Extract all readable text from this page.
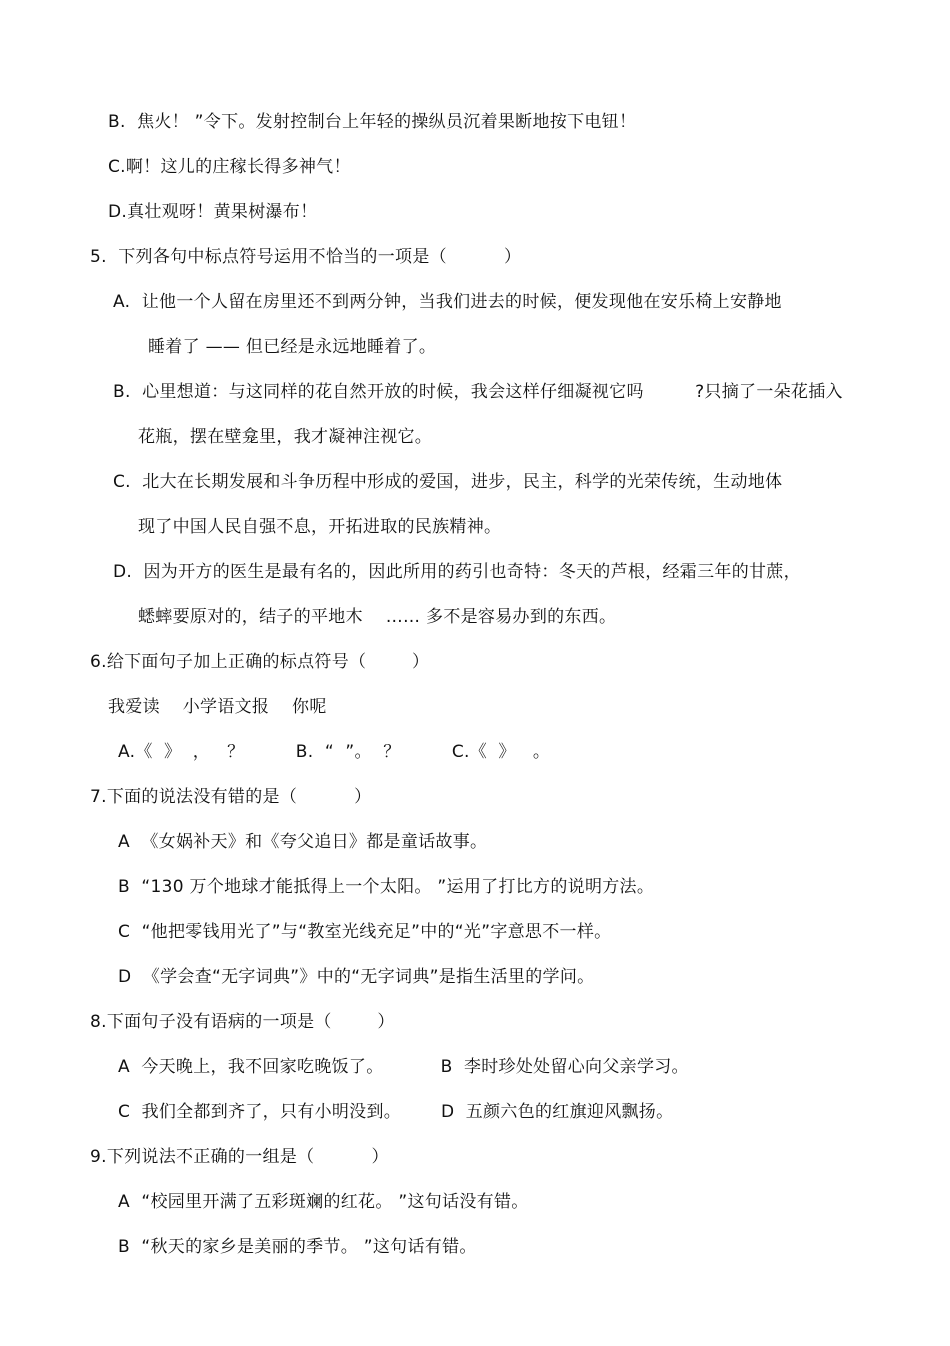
B.  焦火！ ”令下。发射控制台上年轻的操纵员沉着果断地按下电钮！
C.啊！这儿的庄稼长得多神气！
D.真壮观呀！黄果树瀑布！
5.  下列各句中标点符号运用不恰当的一项是（          ）
A.  让他一个人留在房里还不到两分钟，当我们进去的时候，便发现他在安乐椅上安静地
睡着了 —— 但已经是永远地睡着了。
B.  心里想道：与这同样的花自然开放的时候，我会这样仔细凝视它吗         ?只摘了一朵花插入
花瓶，摆在壁龛里，我才凝神注视它。
C.  北大在长期发展和斗争历程中形成的爱国，进步，民主，科学的光荣传统，生动地体
现了中国人民自强不息，开拓进取的民族精神。
D.  因为开方的医生是最有名的，因此所用的药引也奇特：冬天的芦根，经霜三年的甘蔗，
蟋蟀要原对的，结子的平地木    …… 多不是容易办到的东西。
6.给下面句子加上正确的标点符号（        ）
我爱读    小学语文报    你呢
A.《  》  ，   ？         B.  “  ”。  ？         C.《  》   。
7.下面的说法没有错的是（          ）
A  《女娲补天》和《夸父追日》都是童话故事。
B  “130 万个地球才能抵得上一个太阳。 ”运用了打比方的说明方法。
C  “他把零钱用光了”与“教室光线充足”中的“光”字意思不一样。
D  《学会查“无字词典”》中的“无字词典”是指生活里的学问。
8.下面句子没有语病的一项是（        ）
A  今天晚上，我不回家吃晚饭了。          B  李时珍处处留心向父亲学习。
C  我们全都到齐了，只有小明没到。       D  五颜六色的红旗迎风飘扬。
9.下列说法不正确的一组是（          ）
A  “校园里开满了五彩斑斓的红花。 ”这句话没有错。
B  “秋天的家乡是美丽的季节。 ”这句话有错。
